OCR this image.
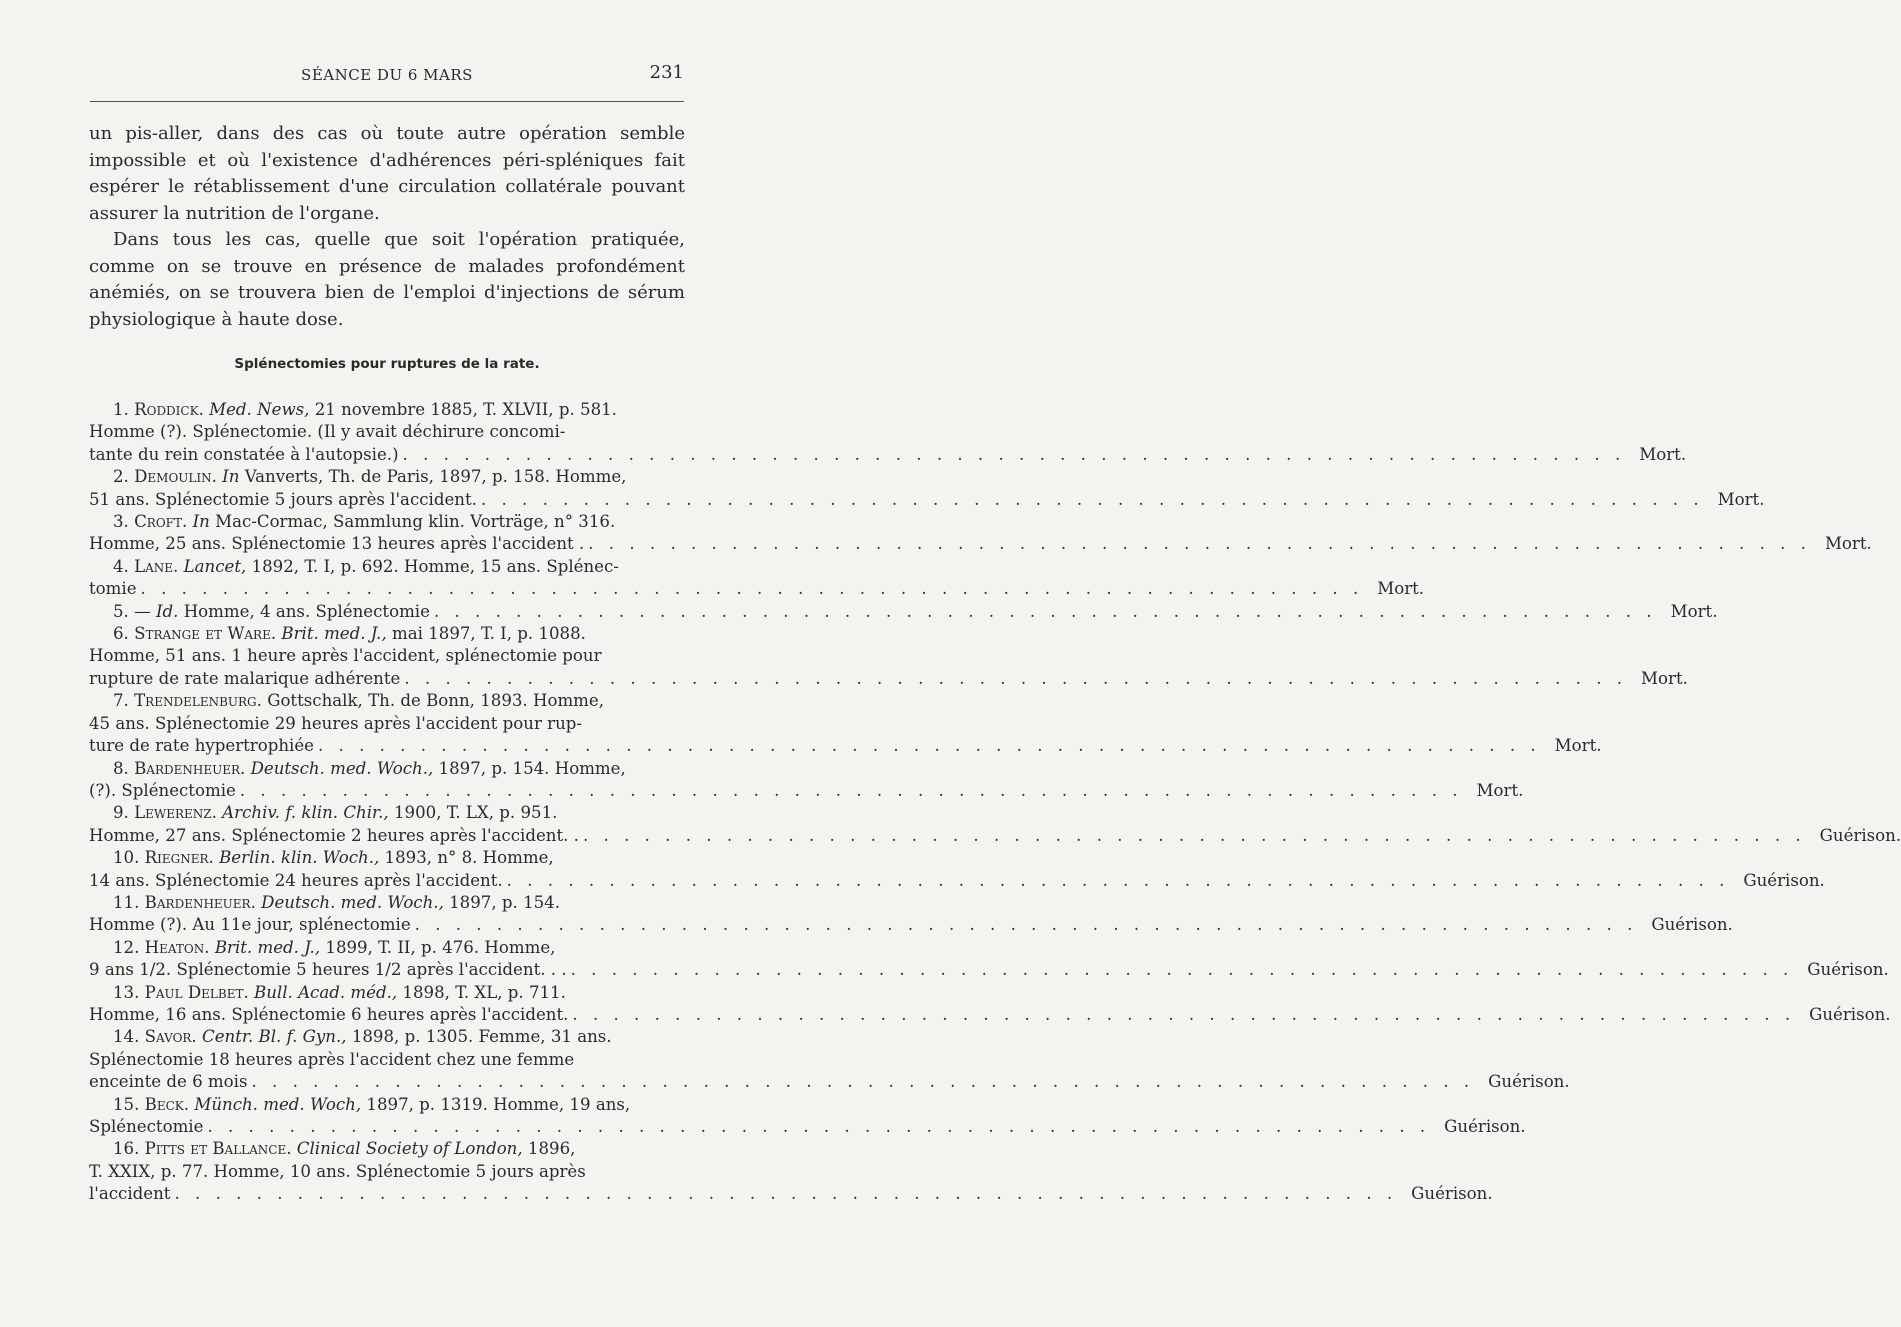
SÉANCE DU 6 MARS	231

un pis-aller, dans des cas où toute autre opération semble impossible et où l'existence d'adhérences péri-spléniques fait espérer le rétablissement d'une circulation collatérale pouvant assurer la nutrition de l'organe.

Dans tous les cas, quelle que soit l'opération pratiquée, comme on se trouve en présence de malades profondément anémiés, on se trouvera bien de l'emploi d'injections de sérum physiologique à haute dose.

Splénectomies pour ruptures de la rate.
1. Roddick. Med. News, 21 novembre 1885, T. XLVII, p. 581.
Homme (?). Splénectomie. (Il y avait déchirure concomi-
tante du rein constatée à l'autopsie.) . . . . . . . . . . . . . . . . . . . . . . . . . . . . . . . . . . . . . . . . . . . . . . . . . . . . . . . . . . . . Mort.
2. Demoulin. In Vanverts, Th. de Paris, 1897, p. 158. Homme,
51 ans. Splénectomie 5 jours après l'accident. . . . . . . . . . . . . . . . . . . . . . . . . . . . . . . . . . . . . . . . . . . . . . . . . . . . . . . . . . . . . Mort.
3. Croft. In Mac-Cormac, Sammlung klin. Vorträge, n° 316.
Homme, 25 ans. Splénectomie 13 heures après l'accident . . . . . . . . . . . . . . . . . . . . . . . . . . . . . . . . . . . . . . . . . . . . . . . . . . . . . . . . . . . . . Mort.
4. Lane. Lancet, 1892, T. I, p. 692. Homme, 15 ans. Splénec-
tomie . . . . . . . . . . . . . . . . . . . . . . . . . . . . . . . . . . . . . . . . . . . . . . . . . . . . . . . . . . . . Mort.
5. — Id. Homme, 4 ans. Splénectomie . . . . . . . . . . . . . . . . . . . . . . . . . . . . . . . . . . . . . . . . . . . . . . . . . . . . . . . . . . . . Mort.
6. Strange et Ware. Brit. med. J., mai 1897, T. I, p. 1088.
Homme, 51 ans. 1 heure après l'accident, splénectomie pour
rupture de rate malarique adhérente . . . . . . . . . . . . . . . . . . . . . . . . . . . . . . . . . . . . . . . . . . . . . . . . . . . . . . . . . . . . Mort.
7. Trendelenburg. Gottschalk, Th. de Bonn, 1893. Homme,
45 ans. Splénectomie 29 heures après l'accident pour rup-
ture de rate hypertrophiée . . . . . . . . . . . . . . . . . . . . . . . . . . . . . . . . . . . . . . . . . . . . . . . . . . . . . . . . . . . . Mort.
8. Bardenheuer. Deutsch. med. Woch., 1897, p. 154. Homme,
(?). Splénectomie . . . . . . . . . . . . . . . . . . . . . . . . . . . . . . . . . . . . . . . . . . . . . . . . . . . . . . . . . . . . Mort.
9. Lewerenz. Archiv. f. klin. Chir., 1900, T. LX, p. 951.
Homme, 27 ans. Splénectomie 2 heures après l'accident. . . . . . . . . . . . . . . . . . . . . . . . . . . . . . . . . . . . . . . . . . . . . . . . . . . . . . . . . . . . . . Guérison.
10. Riegner. Berlin. klin. Woch., 1893, n° 8. Homme,
14 ans. Splénectomie 24 heures après l'accident. . . . . . . . . . . . . . . . . . . . . . . . . . . . . . . . . . . . . . . . . . . . . . . . . . . . . . . . . . . . . Guérison.
11. Bardenheuer. Deutsch. med. Woch., 1897, p. 154.
Homme (?). Au 11e jour, splénectomie . . . . . . . . . . . . . . . . . . . . . . . . . . . . . . . . . . . . . . . . . . . . . . . . . . . . . . . . . . . . Guérison.
12. Heaton. Brit. med. J., 1899, T. II, p. 476. Homme,
9 ans 1/2. Splénectomie 5 heures 1/2 après l'accident. . . . . . . . . . . . . . . . . . . . . . . . . . . . . . . . . . . . . . . . . . . . . . . . . . . . . . . . . . . . . . . Guérison.
13. Paul Delbet. Bull. Acad. méd., 1898, T. XL, p. 711.
Homme, 16 ans. Splénectomie 6 heures après l'accident. . . . . . . . . . . . . . . . . . . . . . . . . . . . . . . . . . . . . . . . . . . . . . . . . . . . . . . . . . . . . Guérison.
14. Savor. Centr. Bl. f. Gyn., 1898, p. 1305. Femme, 31 ans.
Splénectomie 18 heures après l'accident chez une femme
enceinte de 6 mois . . . . . . . . . . . . . . . . . . . . . . . . . . . . . . . . . . . . . . . . . . . . . . . . . . . . . . . . . . . . Guérison.
15. Beck. Münch. med. Woch, 1897, p. 1319. Homme, 19 ans,
Splénectomie . . . . . . . . . . . . . . . . . . . . . . . . . . . . . . . . . . . . . . . . . . . . . . . . . . . . . . . . . . . . Guérison.
16. Pitts et Ballance. Clinical Society of London, 1896,
T. XXIX, p. 77. Homme, 10 ans. Splénectomie 5 jours après
l'accident . . . . . . . . . . . . . . . . . . . . . . . . . . . . . . . . . . . . . . . . . . . . . . . . . . . . . . . . . . . . Guérison.
